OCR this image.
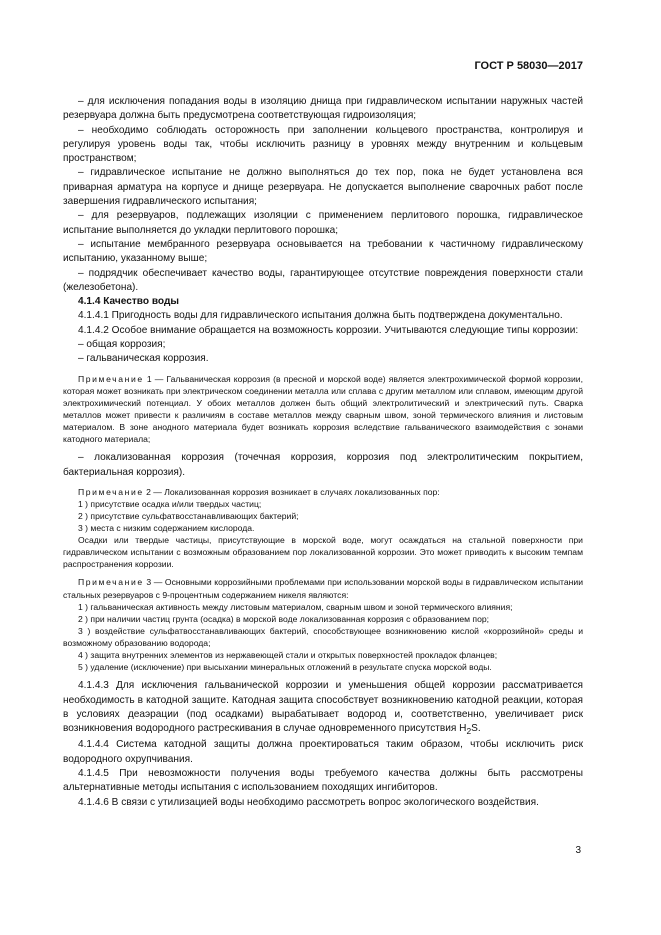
ГОСТ Р 58030—2017

– для исключения попадания воды в изоляцию днища при гидравлическом испытании наружных частей резервуара должна быть предусмотрена соответствующая гидроизоляция;

– необходимо соблюдать осторожность при заполнении кольцевого пространства, контролируя и регулируя уровень воды так, чтобы исключить разницу в уровнях между внутренним и кольцевым пространством;

– гидравлическое испытание не должно выполняться до тех пор, пока не будет установлена вся приварная арматура на корпусе и днище резервуара. Не допускается выполнение сварочных работ после завершения гидравлического испытания;

– для резервуаров, подлежащих изоляции с применением перлитового порошка, гидравлическое испытание выполняется до укладки перлитового порошка;

– испытание мембранного резервуара основывается на требовании к частичному гидравлическому испытанию, указанному выше;

– подрядчик обеспечивает качество воды, гарантирующее отсутствие повреждения поверхности стали (железобетона).

4.1.4 Качество воды

4.1.4.1 Пригодность воды для гидравлического испытания должна быть подтверждена документально.

4.1.4.2 Особое внимание обращается на возможность коррозии. Учитываются следующие типы коррозии:

– общая коррозия;

– гальваническая коррозия.

Примечание 1 — Гальваническая коррозия (в пресной и морской воде) является электрохимической формой коррозии, которая может возникать при электрическом соединении металла или сплава с другим металлом или сплавом, имеющим другой электрохимический потенциал. У обоих металлов должен быть общий электролитический и электрический путь. Сварка металлов может привести к различиям в составе металлов между сварным швом, зоной термического влияния и листовым материалом. В зоне анодного материала будет возникать коррозия вследствие гальванического взаимодействия с зонами катодного материала;

– локализованная коррозия (точечная коррозия, коррозия под электролитическим покрытием, бактериальная коррозия).

Примечание 2 — Локализованная коррозия возникает в случаях локализованных пор:

1 ) присутствие осадка и/или твердых частиц;

2 ) присутствие сульфатвосстанавливающих бактерий;

3 ) места с низким содержанием кислорода.

Осадки или твердые частицы, присутствующие в морской воде, могут осаждаться на стальной поверхности при гидравлическом испытании с возможным образованием пор локализованной коррозии. Это может приводить к высоким темпам распространения коррозии.

Примечание 3 — Основными коррозийными проблемами при использовании морской воды в гидравлическом испытании стальных резервуаров с 9-процентным содержанием никеля являются:

1 ) гальваническая активность между листовым материалом, сварным швом и зоной термического влияния;

2 ) при наличии частиц грунта (осадка) в морской воде локализованная коррозия с образованием пор;

3 ) воздействие сульфатвосстанавливающих бактерий, способствующее возникновению кислой «коррозийной» среды и возможному образованию водорода;

4 ) защита внутренних элементов из нержавеющей стали и открытых поверхностей прокладок фланцев;

5 ) удаление (исключение) при высыхании минеральных отложений в результате спуска морской воды.

4.1.4.3 Для исключения гальванической коррозии и уменьшения общей коррозии рассматривается необходимость в катодной защите. Катодная защита способствует возникновению катодной реакции, которая в условиях деаэрации (под осадками) вырабатывает водород и, соответственно, увеличивает риск возникновения водородного растрескивания в случае одновременного присутствия $H_2S$.

4.1.4.4 Система катодной защиты должна проектироваться таким образом, чтобы исключить риск водородного охрупчивания.

4.1.4.5 При невозможности получения воды требуемого качества должны быть рассмотрены альтернативные методы испытания с использованием походящих ингибиторов.

4.1.4.6 В связи с утилизацией воды необходимо рассмотреть вопрос экологического воздействия.

3
